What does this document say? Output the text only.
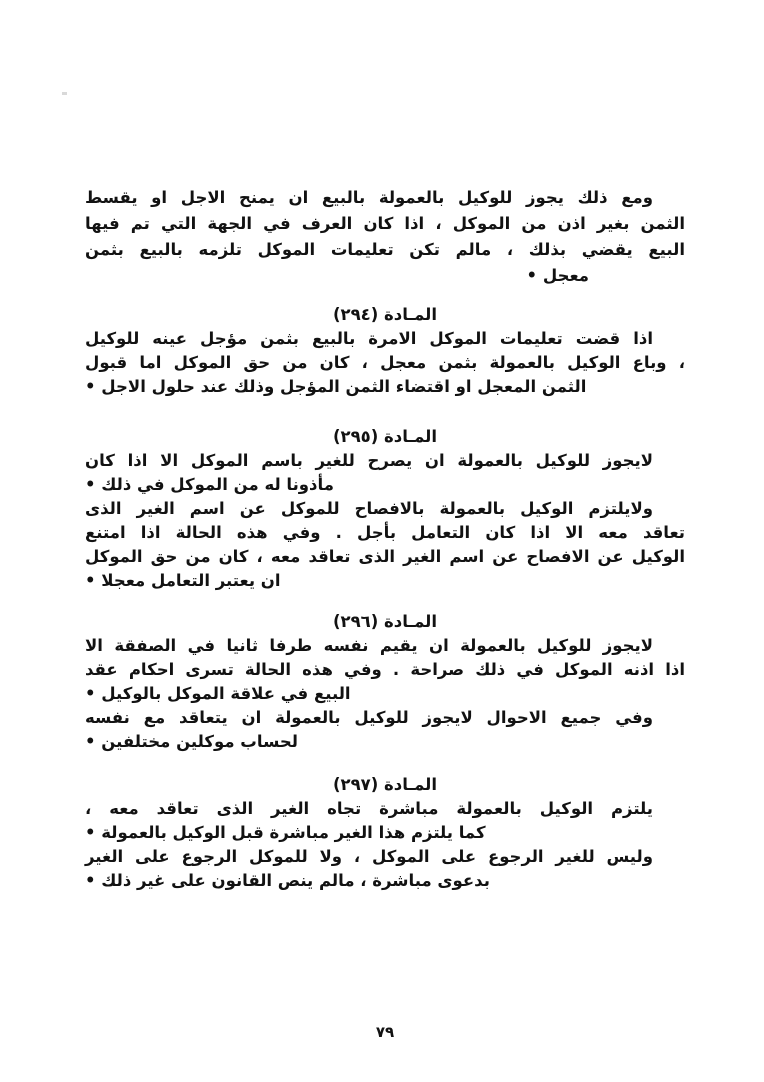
ومع ذلك يجوز للوكيل بالعمولة بالبيع ان يمنح الاجل او يقسط
الثمن بغير اذن من الموكل ، اذا كان العرف في الجهة التي تم فيها
البيع يقضي بذلك ، مالم تكن تعليمات الموكل تلزمه بالبيع بثمن
معجل •
المـادة (٢٩٤)
اذا قضت تعليمات الموكل الامرة بالبيع بثمن مؤجل عينه للوكيل
، وباع الوكيل بالعمولة بثمن معجل ، كان من حق الموكل اما قبول
الثمن المعجل او اقتضاء الثمن المؤجل وذلك عند حلول الاجل •
المـادة (٢٩٥)
لايجوز للوكيل بالعمولة ان يصرح للغير باسم الموكل الا اذا كان
مأذونا له من الموكل في ذلك •
ولايلتزم الوكيل بالعمولة بالافصاح للموكل عن اسم الغير الذى
تعاقد معه الا اذا كان التعامل بأجل . وفي هذه الحالة اذا امتنع
الوكيل عن الافصاح عن اسم الغير الذى تعاقد معه ، كان من حق الموكل
ان يعتبر التعامل معجلا •
المـادة (٢٩٦)
لايجوز للوكيل بالعمولة ان يقيم نفسه طرفا ثانيا في الصفقة الا
اذا اذنه الموكل في ذلك صراحة . وفي هذه الحالة تسرى احكام عقد
البيع في علاقة الموكل بالوكيل •
وفي جميع الاحوال لايجوز للوكيل بالعمولة ان يتعاقد مع نفسه
لحساب موكلين مختلفين •
المـادة (٢٩٧)
يلتزم الوكيل بالعمولة مباشرة تجاه الغير الذى تعاقد معه ،
كما يلتزم هذا الغير مباشرة قبل الوكيل بالعمولة •
وليس للغير الرجوع على الموكل ، ولا للموكل الرجوع على الغير
بدعوى مباشرة ، مالم ينص القانون على غير ذلك •
٧٩
